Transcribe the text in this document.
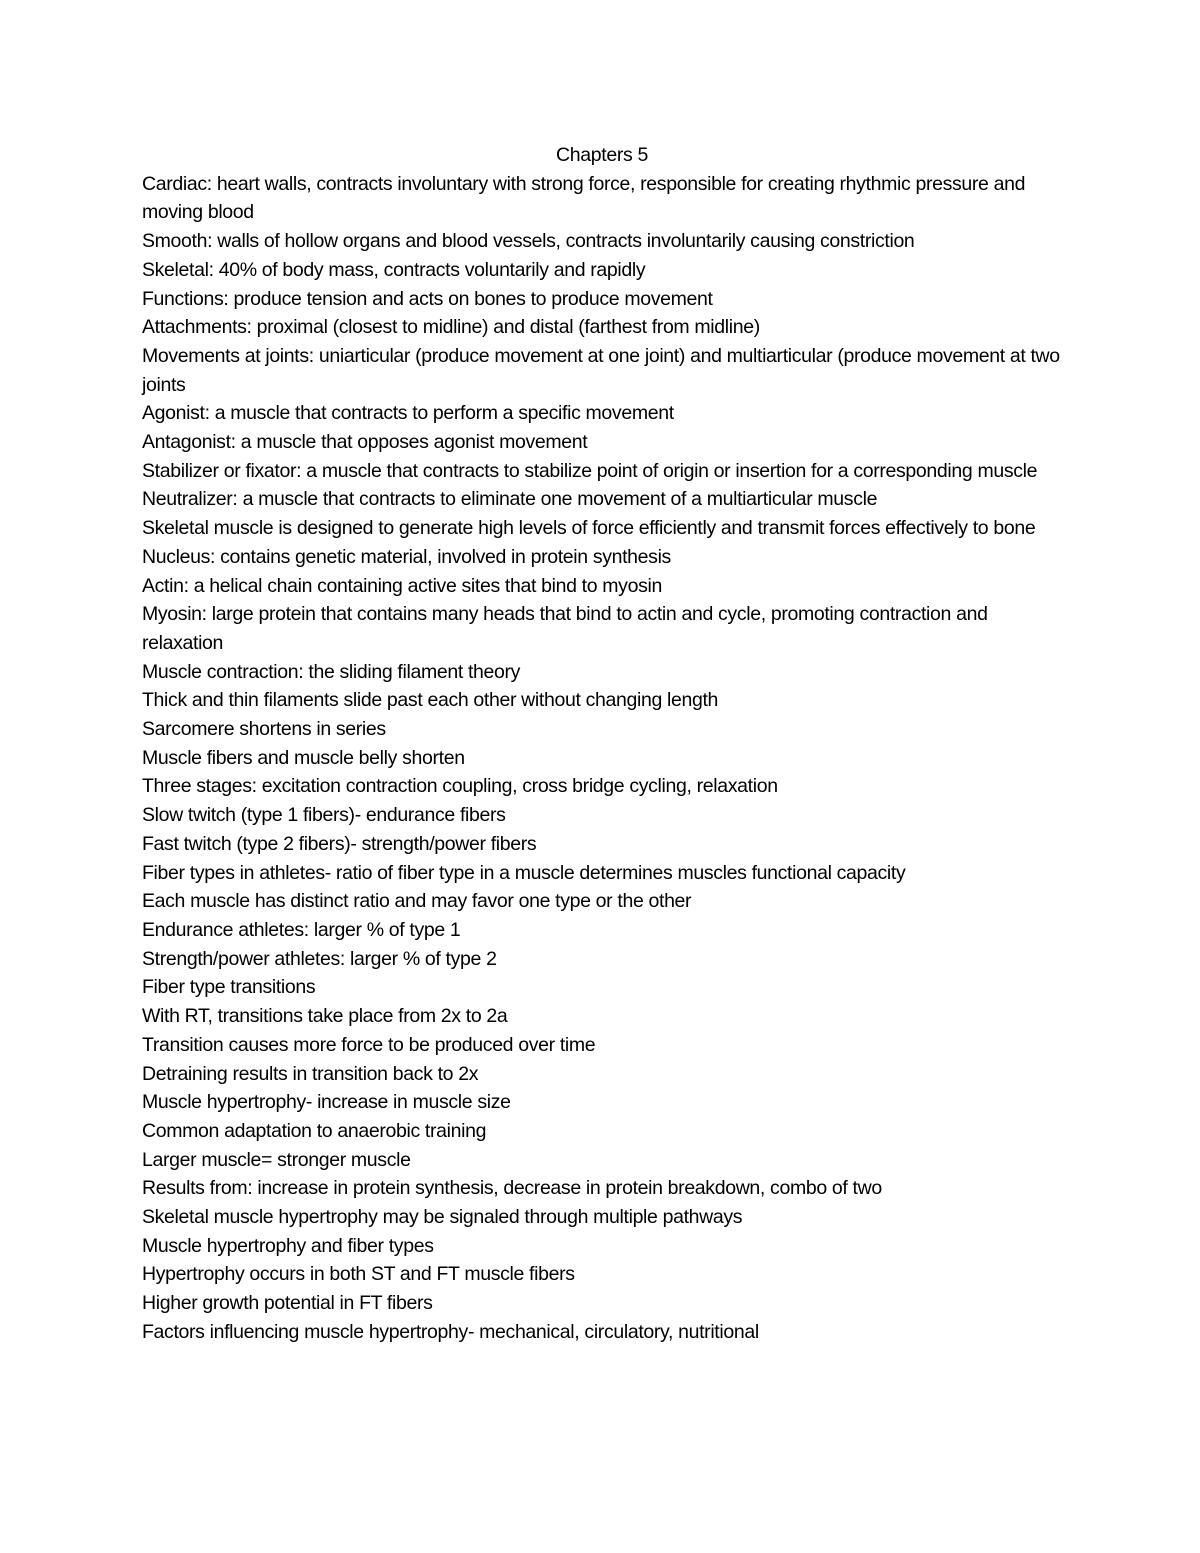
Chapters 5

Cardiac: heart walls, contracts involuntary with strong force, responsible for creating rhythmic pressure and moving blood

Smooth: walls of hollow organs and blood vessels, contracts involuntarily causing constriction

Skeletal: 40% of body mass, contracts voluntarily and rapidly

Functions: produce tension and acts on bones to produce movement

Attachments: proximal (closest to midline) and distal (farthest from midline)

Movements at joints: uniarticular (produce movement at one joint) and multiarticular (produce movement at two joints

Agonist: a muscle that contracts to perform a specific movement

Antagonist: a muscle that opposes agonist movement

Stabilizer or fixator: a muscle that contracts to stabilize point of origin or insertion for a corresponding muscle

Neutralizer: a muscle that contracts to eliminate one movement of a multiarticular muscle

Skeletal muscle is designed to generate high levels of force efficiently and transmit forces effectively to bone

Nucleus: contains genetic material, involved in protein synthesis

Actin: a helical chain containing active sites that bind to myosin

Myosin: large protein that contains many heads that bind to actin and cycle, promoting contraction and relaxation

Muscle contraction: the sliding filament theory

Thick and thin filaments slide past each other without changing length

Sarcomere shortens in series

Muscle fibers and muscle belly shorten

Three stages: excitation contraction coupling, cross bridge cycling, relaxation

Slow twitch (type 1 fibers)- endurance fibers

Fast twitch (type 2 fibers)- strength/power fibers

Fiber types in athletes- ratio of fiber type in a muscle determines muscles functional capacity

Each muscle has distinct ratio and may favor one type or the other

Endurance athletes: larger % of type 1

Strength/power athletes: larger % of type 2

Fiber type transitions

With RT, transitions take place from 2x to 2a

Transition causes more force to be produced over time

Detraining results in transition back to 2x

Muscle hypertrophy- increase in muscle size

Common adaptation to anaerobic training

Larger muscle= stronger muscle

Results from: increase in protein synthesis, decrease in protein breakdown, combo of two

Skeletal muscle hypertrophy may be signaled through multiple pathways

Muscle hypertrophy and fiber types

Hypertrophy occurs in both ST and FT muscle fibers

Higher growth potential in FT fibers

Factors influencing muscle hypertrophy- mechanical, circulatory, nutritional
